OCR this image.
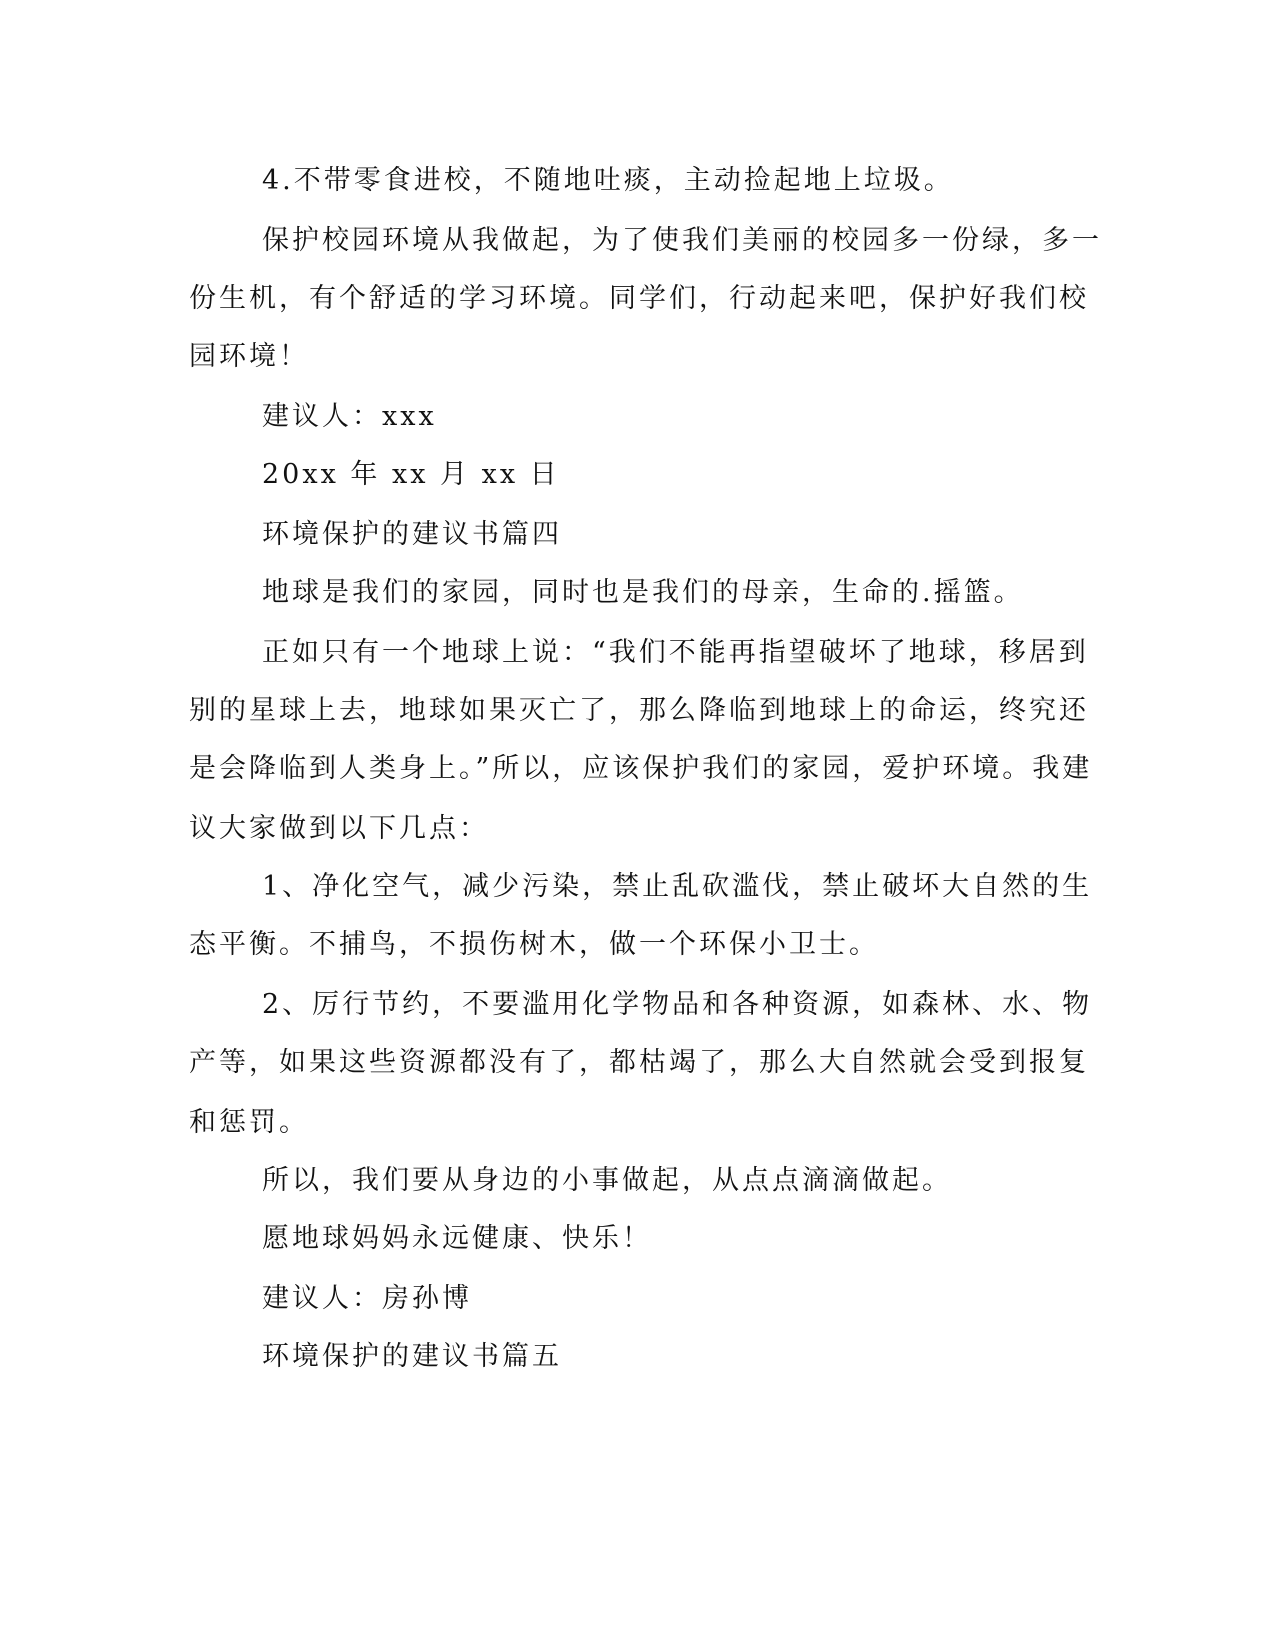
4.不带零食进校，不随地吐痰，主动捡起地上垃圾。
保护校园环境从我做起，为了使我们美丽的校园多一份绿，多一
份生机，有个舒适的学习环境。同学们，行动起来吧，保护好我们校
园环境！
建议人：xxx
20xx 年 xx 月 xx 日
环境保护的建议书篇四
地球是我们的家园，同时也是我们的母亲，生命的.摇篮。
正如只有一个地球上说：“我们不能再指望破坏了地球，移居到
别的星球上去，地球如果灭亡了，那么降临到地球上的命运，终究还
是会降临到人类身上。”所以，应该保护我们的家园，爱护环境。我建
议大家做到以下几点：
1、净化空气，减少污染，禁止乱砍滥伐，禁止破坏大自然的生
态平衡。不捕鸟，不损伤树木，做一个环保小卫士。
2、厉行节约，不要滥用化学物品和各种资源，如森林、水、物
产等，如果这些资源都没有了，都枯竭了，那么大自然就会受到报复
和惩罚。
所以，我们要从身边的小事做起，从点点滴滴做起。
愿地球妈妈永远健康、快乐！
建议人：房孙博
环境保护的建议书篇五
